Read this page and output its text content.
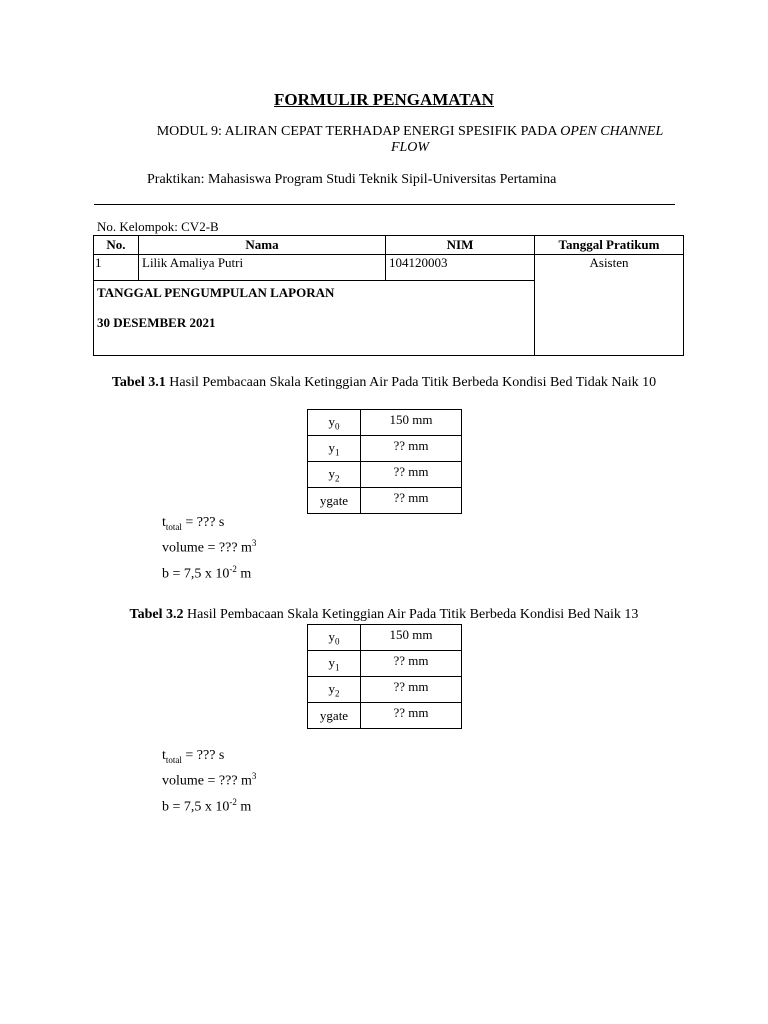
FORMULIR PENGAMATAN
MODUL 9: ALIRAN CEPAT TERHADAP ENERGI SPESIFIK PADA OPEN CHANNEL FLOW
Praktikan: Mahasiswa Program Studi Teknik Sipil-Universitas Pertamina
No. Kelompok: CV2-B
No.	Nama	NIM	Tanggal Pratikum
1	Lilik Amaliya Putri	104120003	Asisten

TANGGAL PENGUMPULAN LAPORAN
30 DESEMBER 2021			
Tabel 3.1 Hasil Pembacaan Skala Ketinggian Air Pada Titik Berbeda Kondisi Bed Tidak Naik 10
$y_0$	150 mm
$y_1$	?? mm
$y_2$	?? mm
ygate	?? mm
$t_{total}$ = ??? s
volume = ??? $m^3$
b = 7,5 x $10^{-2}$ m
Tabel 3.2 Hasil Pembacaan Skala Ketinggian Air Pada Titik Berbeda Kondisi Bed Naik 13
$y_0$	150 mm
$y_1$	?? mm
$y_2$	?? mm
ygate	?? mm
$t_{total}$ = ??? s
volume = ??? $m^3$
b = 7,5 x $10^{-2}$ m
